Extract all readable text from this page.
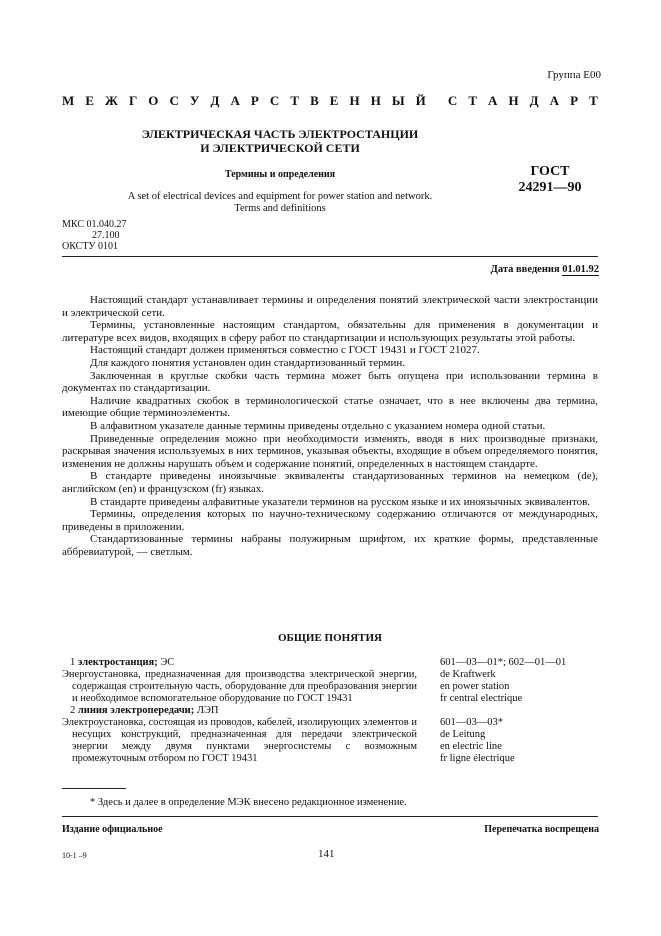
Группа Е00
М Е Ж Г О С У Д А Р С Т В Е Н Н Ы Й С Т А Н Д А Р Т
ЭЛЕКТРИЧЕСКАЯ ЧАСТЬ ЭЛЕКТРОСТАНЦИИ
И ЭЛЕКТРИЧЕСКОЙ СЕТИ
Термины и определения	ГОСТ
24291—90
A set of electrical devices and equipment for power station and network.
Terms and definitions
МКС 01.040.27
27.100
ОКСТУ 0101
Дата введения 01.01.92

Настоящий стандарт устанавливает термины и определения понятий электрической части электростанции и электрической сети.

Термины, установленные настоящим стандартом, обязательны для применения в документации и литературе всех видов, входящих в сферу работ по стандартизации и использующих результаты этой работы.

Настоящий стандарт должен применяться совместно с ГОСТ 19431 и ГОСТ 21027.

Для каждого понятия установлен один стандартизованный термин.

Заключенная в круглые скобки часть термина может быть опущена при использовании термина в документах по стандартизации.

Наличие квадратных скобок в терминологической статье означает, что в нее включены два термина, имеющие общие терминоэлементы.

В алфавитном указателе данные термины приведены отдельно с указанием номера одной статьи.

Приведенные определения можно при необходимости изменять, вводя в них производные признаки, раскрывая значения используемых в них терминов, указывая объекты, входящие в объем определяемого понятия, изменения не должны нарушать объем и содержание понятий, определенных в настоящем стандарте.

В стандарте приведены иноязычные эквиваленты стандартизованных терминов на немецком (de), английском (en) и французском (fr) языках.

В стандарте приведены алфавитные указатели терминов на русском языке и их иноязычных эквивалентов.

Термины, определения которых по научно-техническому содержанию отличаются от международных, приведены в приложении.

Стандартизованные термины набраны полужирным шрифтом, их краткие формы, представленные аббревиатурой, — светлым.

ОБЩИЕ ПОНЯТИЯ
1 электростанция; ЭС
Энергоустановка, предназначенная для производства электрической энергии, содержащая строительную часть, оборудование для преобразования энергии и необходимое вспомогательное оборудование по ГОСТ 19431
601—03—01*; 602—01—01
de Kraftwerk
en power station
fr central electrique
2 линия электропередачи; ЛЭП
Электроустановка, состоящая из проводов, кабелей, изолирующих элементов и несущих конструкций, предназначенная для передачи электрической энергии между двумя пунктами энергосистемы с возможным промежуточным отбором по ГОСТ 19431
601—03—03*
de Leitung
en electric line
fr ligne électrique
* Здесь и далее в определение МЭК внесено редакционное изменение.
Издание официальное	Перепечатка воспрещена
10-1 –9	141
